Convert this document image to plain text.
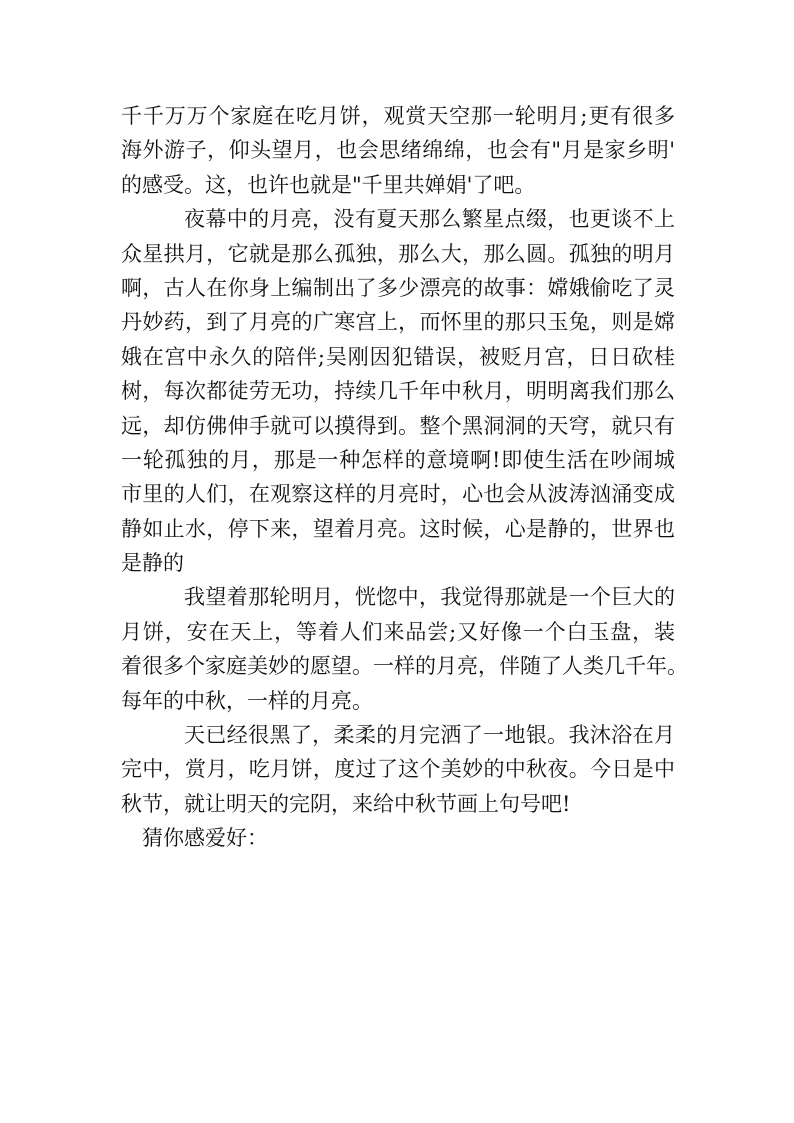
千千万万个家庭在吃月饼，观赏天空那一轮明月;更有很多
海外游子，仰头望月，也会思绪绵绵，也会有"月是家乡明'
的感受。这，也许也就是"千里共婵娟'了吧。
夜幕中的月亮，没有夏天那么繁星点缀，也更谈不上
众星拱月，它就是那么孤独，那么大，那么圆。孤独的明月
啊，古人在你身上编制出了多少漂亮的故事：嫦娥偷吃了灵
丹妙药，到了月亮的广寒宫上，而怀里的那只玉兔，则是嫦
娥在宫中永久的陪伴;吴刚因犯错误，被贬月宫，日日砍桂
树，每次都徒劳无功，持续几千年中秋月，明明离我们那么
远，却仿佛伸手就可以摸得到。整个黑洞洞的天穹，就只有
一轮孤独的月，那是一种怎样的意境啊!即使生活在吵闹城
市里的人们，在观察这样的月亮时，心也会从波涛汹涌变成
静如止水，停下来，望着月亮。这时候，心是静的，世界也
是静的
我望着那轮明月，恍惚中，我觉得那就是一个巨大的
月饼，安在天上，等着人们来品尝;又好像一个白玉盘，装
着很多个家庭美妙的愿望。一样的月亮，伴随了人类几千年。
每年的中秋，一样的月亮。
天已经很黑了，柔柔的月完洒了一地银。我沐浴在月
完中，赏月，吃月饼，度过了这个美妙的中秋夜。今日是中
秋节，就让明天的完阴，来给中秋节画上句号吧!
猜你感爱好：
